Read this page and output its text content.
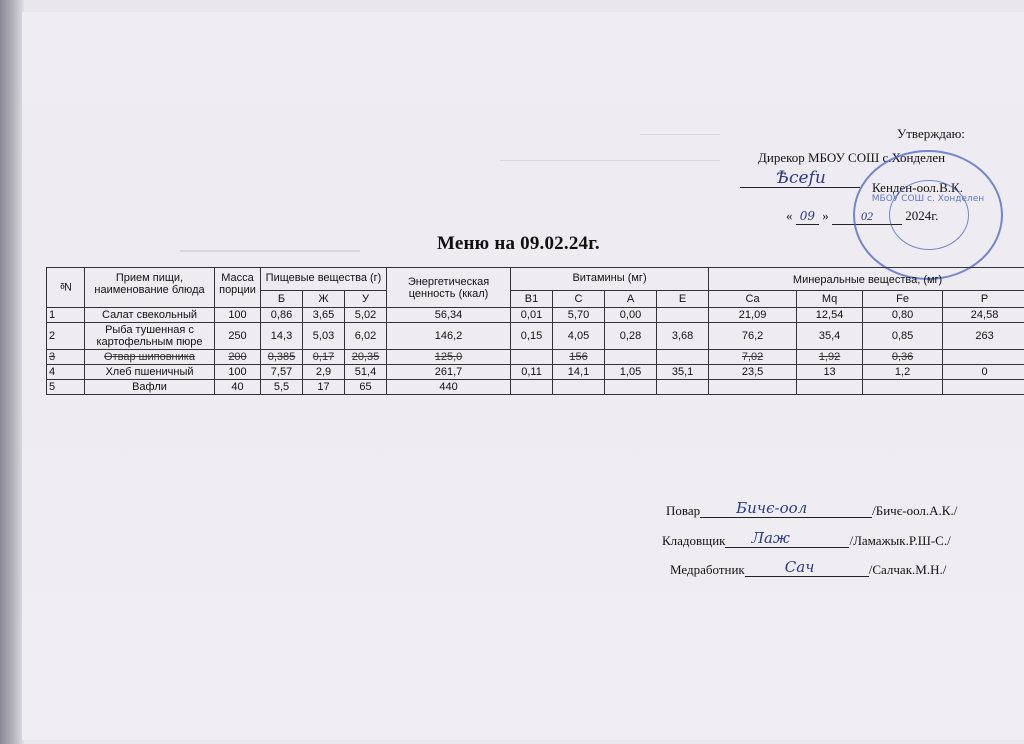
Утверждаю:
Дирекор МБОУ СОШ с.Хонделен
Ѣсеfи	Кенден-оол.В.К.
« 09 »	02 2024г.
МБОУ СОШ с. Хонделен
Меню на 09.02.24г.
№	Прием пищи, наименование блюда	Масса порции	Пищевые вещества (г)			Энергетическая ценность (ккал)	Витамины (мг)				Минеральные вещества, (мг)			
			Б	Ж	У		B1	C	A	E	Ca	Mq	Fe	P
1	Салат свекольный	100	0,86	3,65	5,02	56,34	0,01	5,70	0,00		21,09	12,54	0,80	24,58
2	Рыба тушенная с картофельным пюре	250	14,3	5,03	6,02	146,2	0,15	4,05	0,28	3,68	76,2	35,4	0,85	263
3	Отвар шиповника	200	0,385	0,17	20,35	125,0		156			7,02	1,92	0,36	
4	Хлеб пшеничный	100	7,57	2,9	51,4	261,7	0,11	14,1	1,05	35,1	23,5	13	1,2	0
5	Вафли	40	5,5	17	65	440								
Повар Бичє-оол	/Бичє-оол.А.К./
Кладовщик Лаж	/Ламажык.Р.Ш-С./
Медработник	Сач	/Салчак.М.Н./
